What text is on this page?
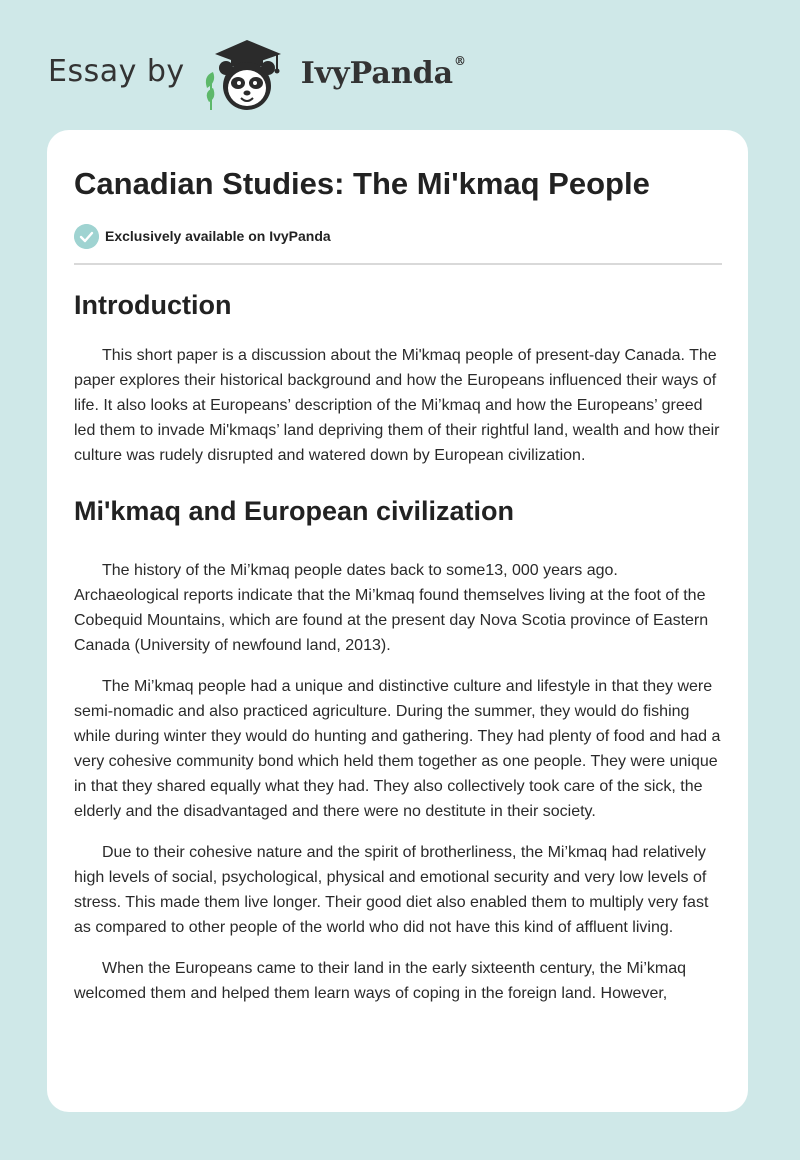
Essay by	IvyPanda®
Canadian Studies: The Mi'kmaq People
Exclusively available on IvyPanda
Introduction

This short paper is a discussion about the Mi'kmaq people of present-day Canada. The paper explores their historical background and how the Europeans influenced their ways of life. It also looks at Europeans’ description of the Mi’kmaq and how the Europeans’ greed led them to invade Mi'kmaqs’ land depriving them of their rightful land, wealth and how their culture was rudely disrupted and watered down by European civilization.

Mi'kmaq and European civilization

The history of the Mi’kmaq people dates back to some13, 000 years ago. Archaeological reports indicate that the Mi’kmaq found themselves living at the foot of the Cobequid Mountains, which are found at the present day Nova Scotia province of Eastern Canada (University of newfound land, 2013).

The Mi’kmaq people had a unique and distinctive culture and lifestyle in that they were semi-nomadic and also practiced agriculture. During the summer, they would do fishing while during winter they would do hunting and gathering. They had plenty of food and had a very cohesive community bond which held them together as one people. They were unique in that they shared equally what they had. They also collectively took care of the sick, the elderly and the disadvantaged and there were no destitute in their society.

Due to their cohesive nature and the spirit of brotherliness, the Mi’kmaq had relatively high levels of social, psychological, physical and emotional security and very low levels of stress. This made them live longer. Their good diet also enabled them to multiply very fast as compared to other people of the world who did not have this kind of affluent living.

When the Europeans came to their land in the early sixteenth century, the Mi’kmaq welcomed them and helped them learn ways of coping in the foreign land. However,
